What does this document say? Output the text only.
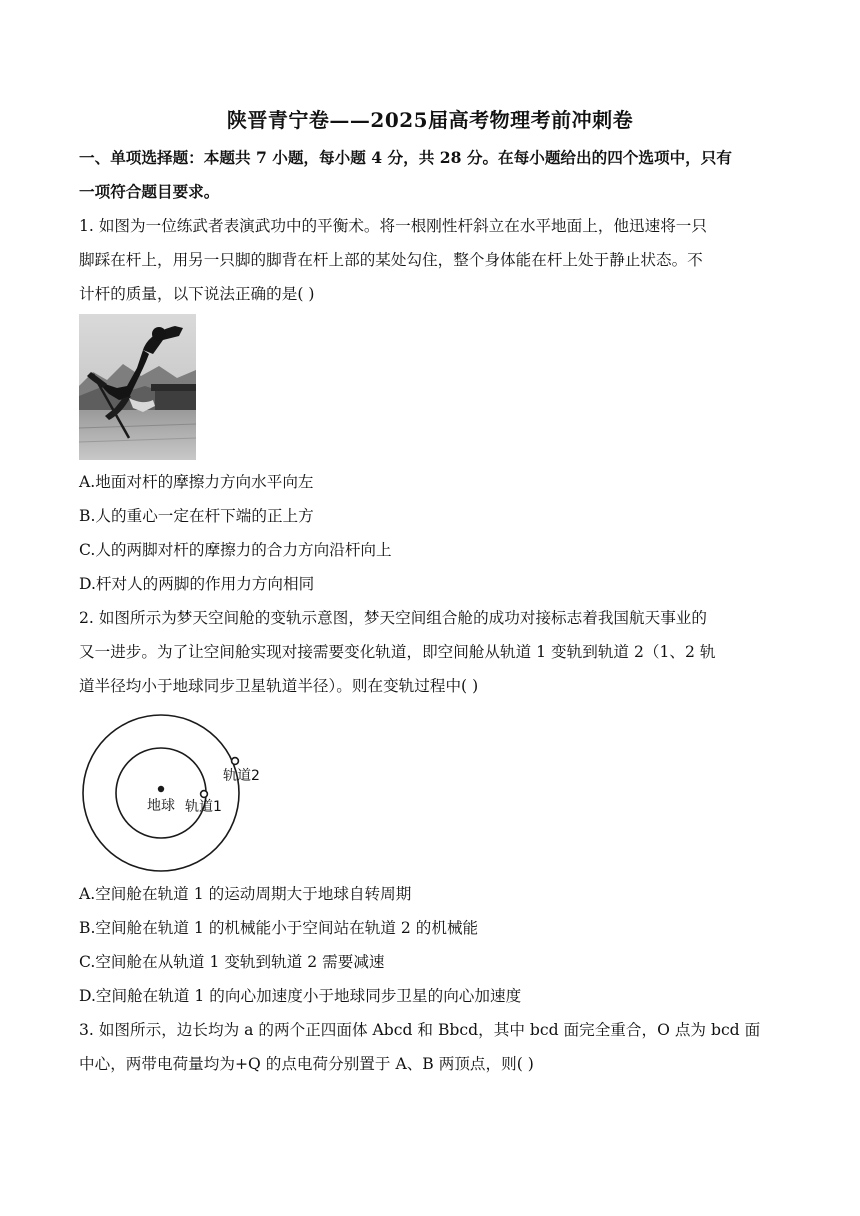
陕晋青宁卷——2025届高考物理考前冲刺卷
一、单项选择题：本题共 7 小题，每小题 4 分，共 28 分。在每小题给出的四个选项中，只有
一项符合题目要求。
1. 如图为一位练武者表演武功中的平衡术。将一根刚性杆斜立在水平地面上，他迅速将一只
脚踩在杆上，用另一只脚的脚背在杆上部的某处勾住，整个身体能在杆上处于静止状态。不
计杆的质量，以下说法正确的是( )
A.地面对杆的摩擦力方向水平向左
B.人的重心一定在杆下端的正上方
C.人的两脚对杆的摩擦力的合力方向沿杆向上
D.杆对人的两脚的作用力方向相同
2. 如图所示为梦天空间舱的变轨示意图，梦天空间组合舱的成功对接标志着我国航天事业的
又一进步。为了让空间舱实现对接需要变化轨道，即空间舱从轨道 1 变轨到轨道 2（1、2 轨
道半径均小于地球同步卫星轨道半径）。则在变轨过程中( )
地球 轨道1
轨道2
A.空间舱在轨道 1 的运动周期大于地球自转周期
B.空间舱在轨道 1 的机械能小于空间站在轨道 2 的机械能
C.空间舱在从轨道 1 变轨到轨道 2 需要减速
D.空间舱在轨道 1 的向心加速度小于地球同步卫星的向心加速度
3. 如图所示，边长均为 a 的两个正四面体 Abcd 和 Bbcd，其中 bcd 面完全重合，O 点为 bcd 面
中心，两带电荷量均为+Q 的点电荷分别置于 A、B 两顶点，则( )
